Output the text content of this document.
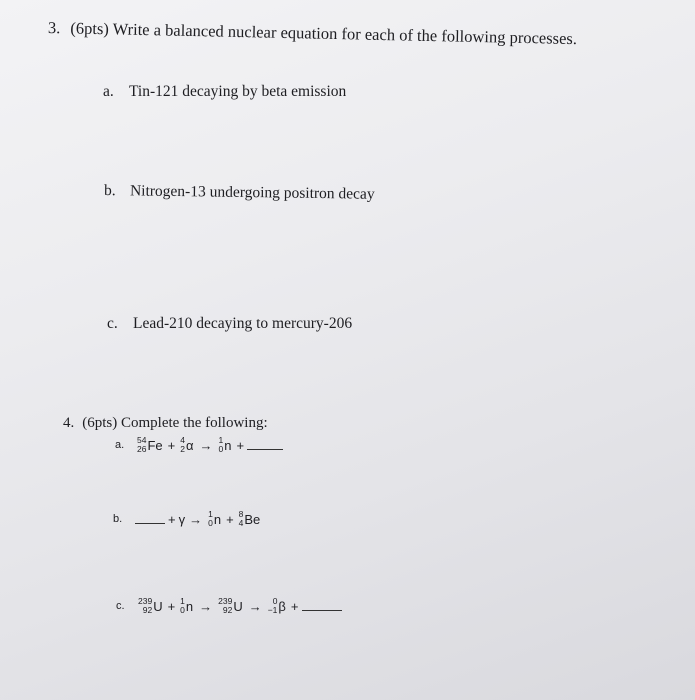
3. (6pts) Write a balanced nuclear equation for each of the following processes.
a. Tin-121 decaying by beta emission
b. Nitrogen-13 undergoing positron decay
c. Lead-210 decaying to mercury-206
4. (6pts) Complete the following:
a.	54
26 Fe + 4
2 α → 1
0 n +
b.	+ γ → 1
0 n + 8
4 Be
c.	239
92 U + 1
0 n → 239
92 U → 0
−1 β +
